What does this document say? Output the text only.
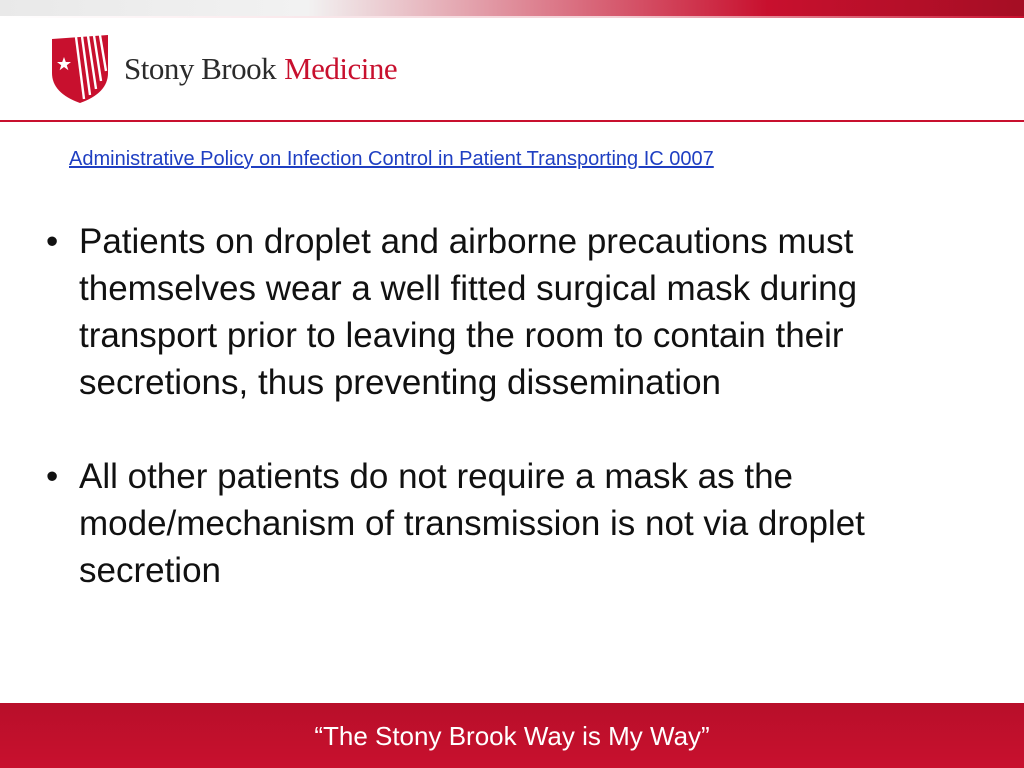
Stony Brook Medicine
Administrative Policy on Infection Control in Patient Transporting IC 0007
• Patients on droplet and airborne precautions must themselves wear a well fitted surgical mask during transport prior to leaving the room to contain their secretions, thus preventing dissemination
• All other patients do not require a mask as the mode/mechanism of transmission is not via droplet secretion
“The Stony Brook Way is My Way”
